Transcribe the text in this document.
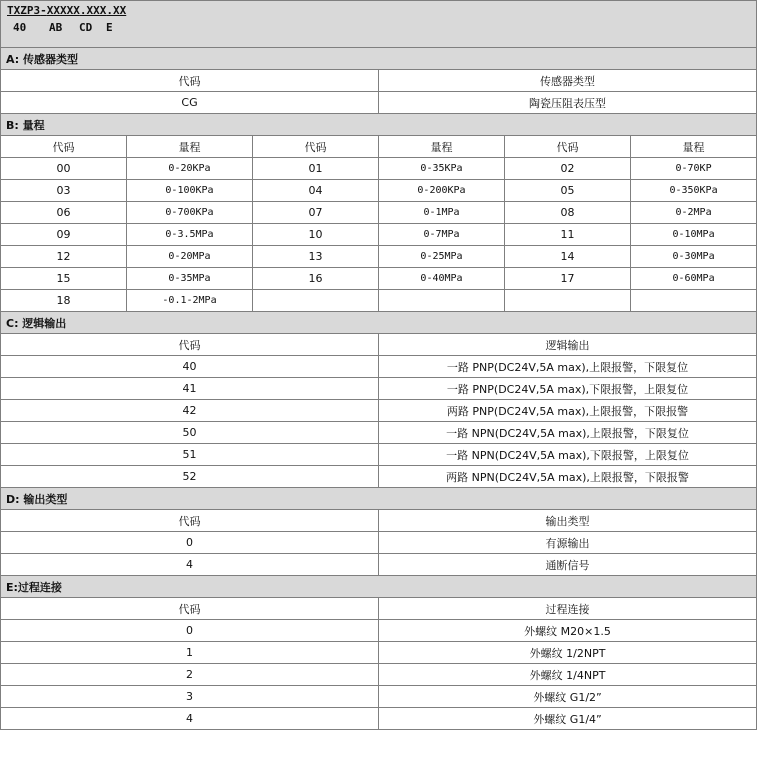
TXZP3-XXXXX.XXX.XX
40 AB CD E					

A: 传感器类型					
代码			传感器类型		
CG			陶瓷压阻表压型		
B: 量程					
代码	量程	代码	量程	代码	量程
00	0-20KPa	01	0-35KPa	02	0-70KP
03	0-100KPa	04	0-200KPa	05	0-350KPa
06	0-700KPa	07	0-1MPa	08	0-2MPa
09	0-3.5MPa	10	0-7MPa	11	0-10MPa
12	0-20MPa	13	0-25MPa	14	0-30MPa
15	0-35MPa	16	0-40MPa	17	0-60MPa
18	-0.1-2MPa				
C: 逻辑输出					
代码			逻辑输出		
40			一路 PNP(DC24V,5A max),上限报警，下限复位		
41			一路 PNP(DC24V,5A max),下限报警，上限复位		
42			两路 PNP(DC24V,5A max),上限报警，下限报警		
50			一路 NPN(DC24V,5A max),上限报警，下限复位		
51			一路 NPN(DC24V,5A max),下限报警，上限复位		
52			两路 NPN(DC24V,5A max),上限报警，下限报警		
D: 输出类型					
代码			输出类型		
0			有源输出		
4			通断信号		
E:过程连接					
代码			过程连接		
0			外螺纹 M20×1.5		
1			外螺纹 1/2NPT		
2			外螺纹 1/4NPT		
3			外螺纹 G1/2”		
4			外螺纹 G1/4”		
